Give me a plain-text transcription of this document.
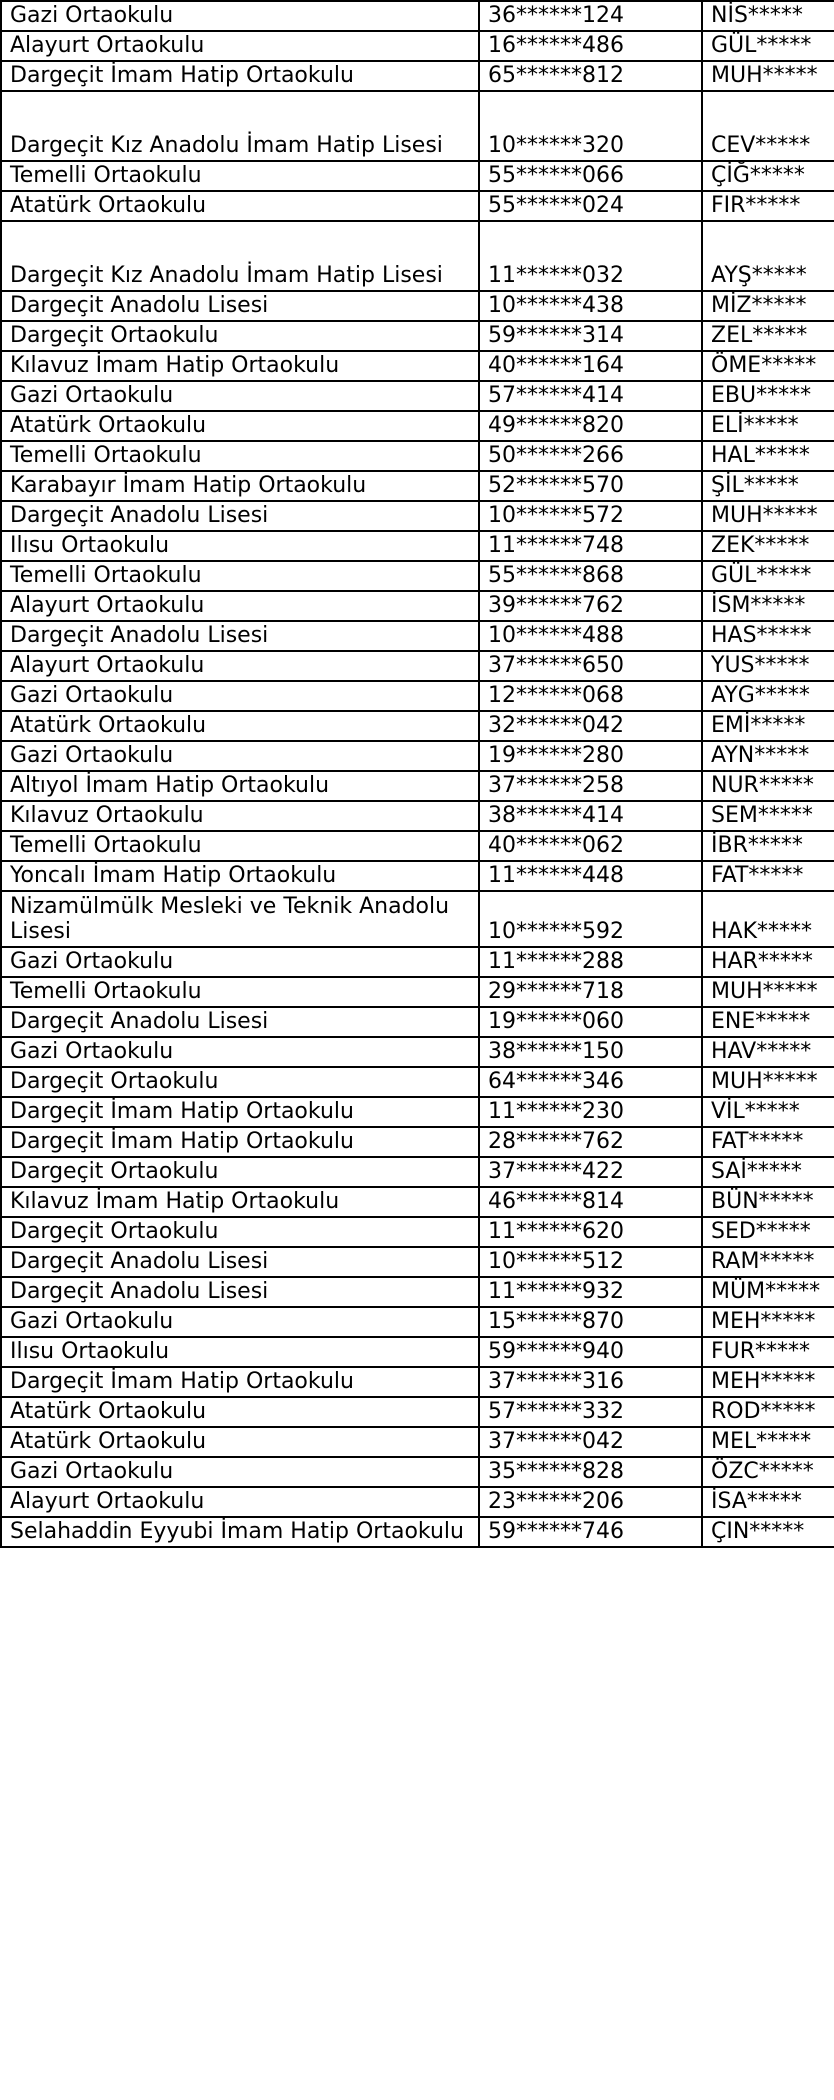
Gazi Ortaokulu	36******124	NİS*****
Alayurt Ortaokulu	16******486	GÜL*****
Dargeçit İmam Hatip Ortaokulu	65******812	MUH*****
Dargeçit Kız Anadolu İmam Hatip Lisesi	10******320	CEV*****
Temelli Ortaokulu	55******066	ÇİĞ*****
Atatürk Ortaokulu	55******024	FIR*****
Dargeçit Kız Anadolu İmam Hatip Lisesi	11******032	AYŞ*****
Dargeçit Anadolu Lisesi	10******438	MİZ*****
Dargeçit Ortaokulu	59******314	ZEL*****
Kılavuz İmam Hatip Ortaokulu	40******164	ÖME*****
Gazi Ortaokulu	57******414	EBU*****
Atatürk Ortaokulu	49******820	ELİ*****
Temelli Ortaokulu	50******266	HAL*****
Karabayır İmam Hatip Ortaokulu	52******570	ŞİL*****
Dargeçit Anadolu Lisesi	10******572	MUH*****
Ilısu Ortaokulu	11******748	ZEK*****
Temelli Ortaokulu	55******868	GÜL*****
Alayurt Ortaokulu	39******762	İSM*****
Dargeçit Anadolu Lisesi	10******488	HAS*****
Alayurt Ortaokulu	37******650	YUS*****
Gazi Ortaokulu	12******068	AYG*****
Atatürk Ortaokulu	32******042	EMİ*****
Gazi Ortaokulu	19******280	AYN*****
Altıyol İmam Hatip Ortaokulu	37******258	NUR*****
Kılavuz Ortaokulu	38******414	SEM*****
Temelli Ortaokulu	40******062	İBR*****
Yoncalı İmam Hatip Ortaokulu	11******448	FAT*****
Nizamülmülk Mesleki ve Teknik Anadolu Lisesi	10******592	HAK*****
Gazi Ortaokulu	11******288	HAR*****
Temelli Ortaokulu	29******718	MUH*****
Dargeçit Anadolu Lisesi	19******060	ENE*****
Gazi Ortaokulu	38******150	HAV*****
Dargeçit Ortaokulu	64******346	MUH*****
Dargeçit İmam Hatip Ortaokulu	11******230	VİL*****
Dargeçit İmam Hatip Ortaokulu	28******762	FAT*****
Dargeçit Ortaokulu	37******422	SAİ*****
Kılavuz İmam Hatip Ortaokulu	46******814	BÜN*****
Dargeçit Ortaokulu	11******620	SED*****
Dargeçit Anadolu Lisesi	10******512	RAM*****
Dargeçit Anadolu Lisesi	11******932	MÜM*****
Gazi Ortaokulu	15******870	MEH*****
Ilısu Ortaokulu	59******940	FUR*****
Dargeçit İmam Hatip Ortaokulu	37******316	MEH*****
Atatürk Ortaokulu	57******332	ROD*****
Atatürk Ortaokulu	37******042	MEL*****
Gazi Ortaokulu	35******828	ÖZC*****
Alayurt Ortaokulu	23******206	İSA*****
Selahaddin Eyyubi İmam Hatip Ortaokulu	59******746	ÇIN*****
